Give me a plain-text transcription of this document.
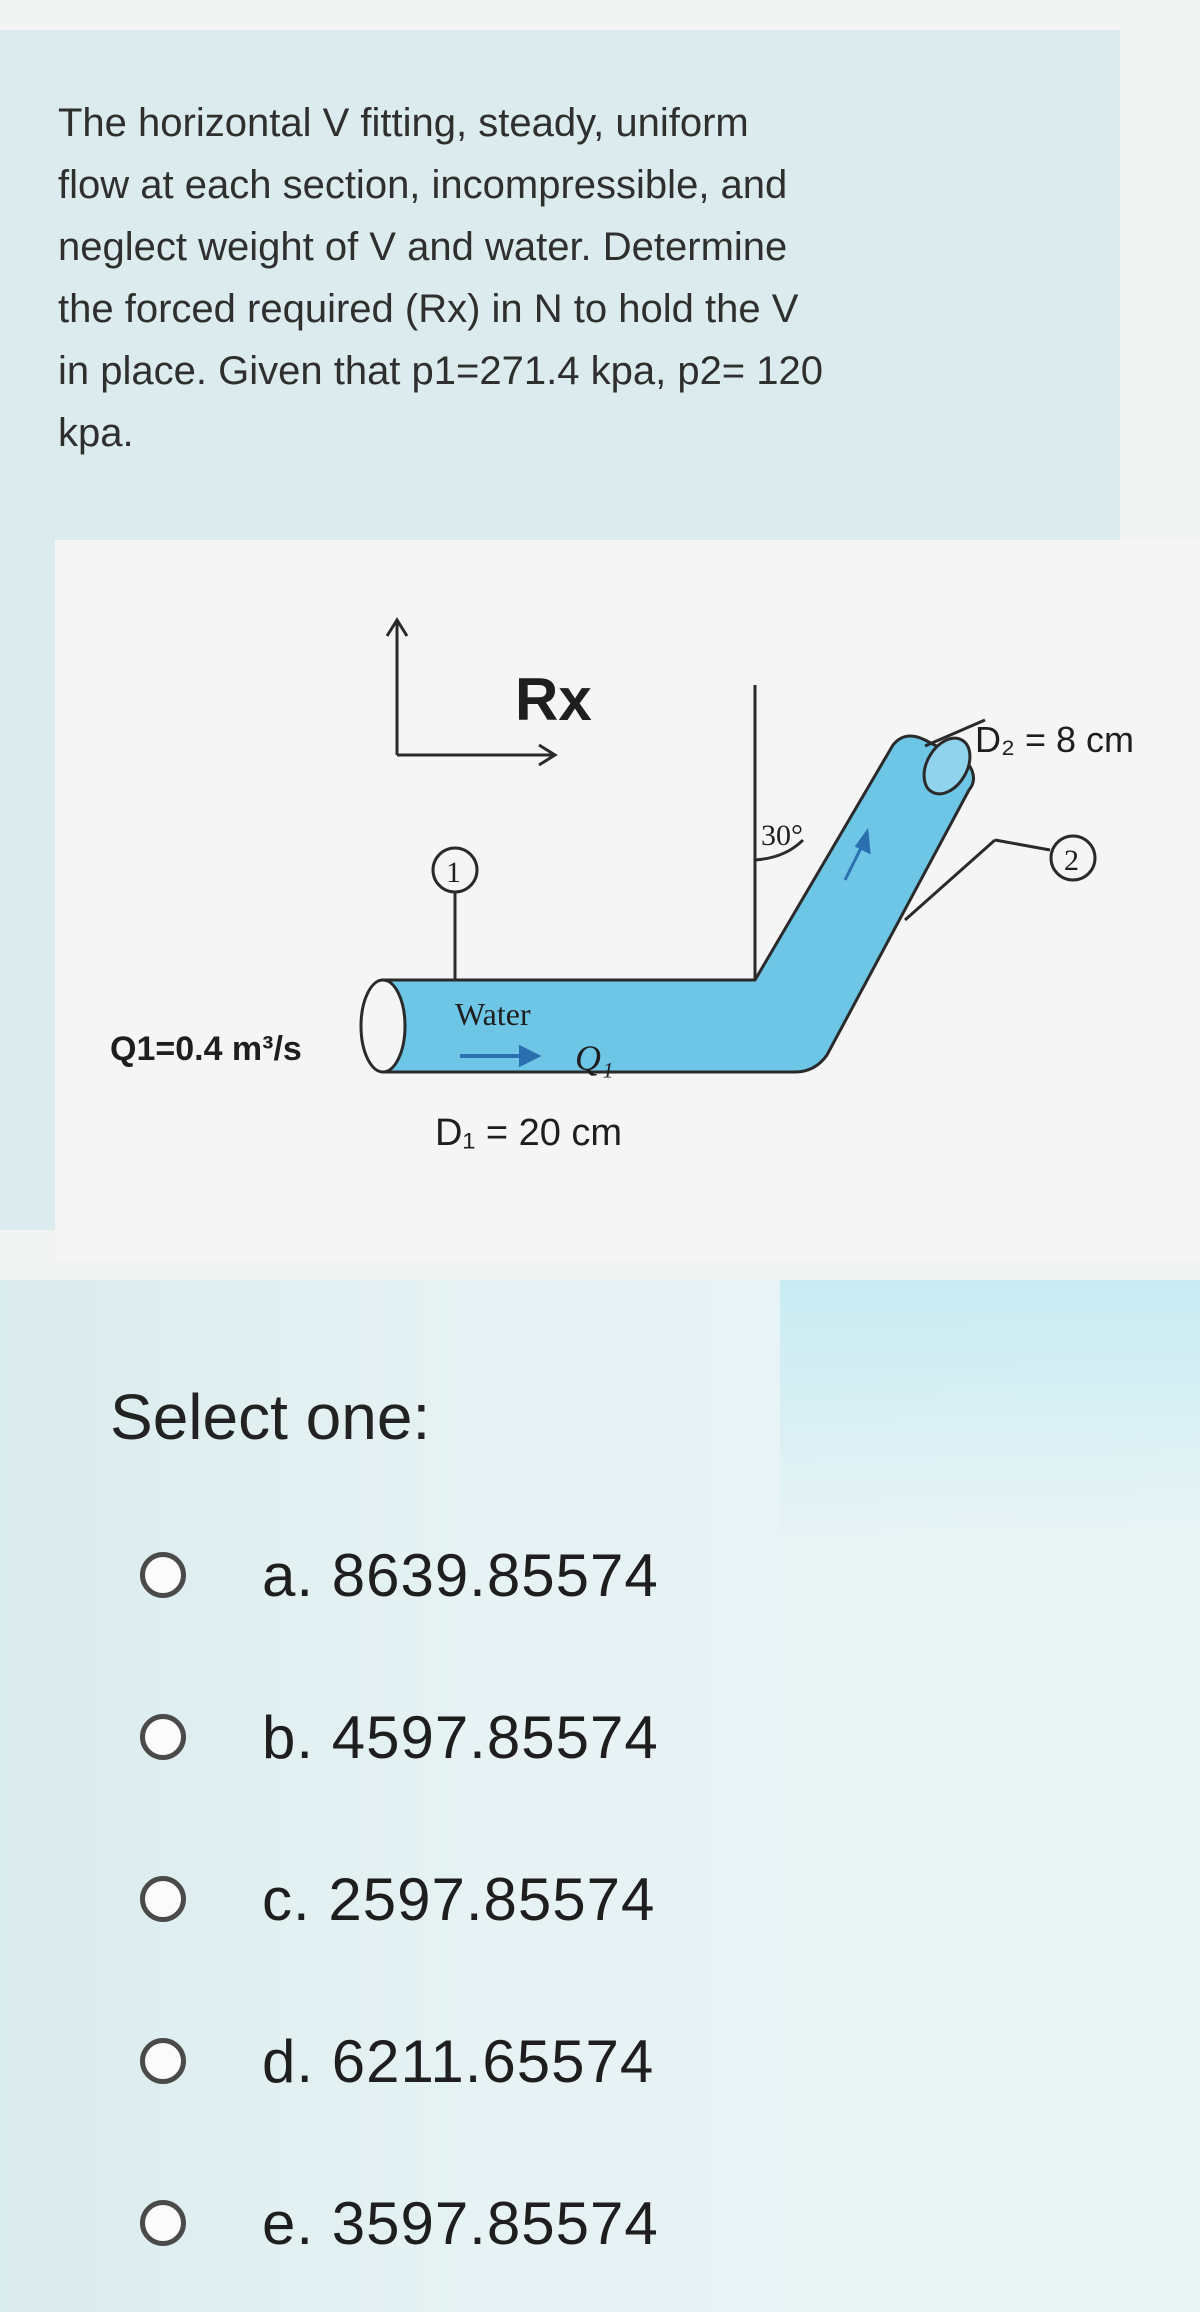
The horizontal V fitting, steady, uniform
flow at each section, incompressible, and
neglect weight of V and water. Determine
the forced required (Rx) in N to hold the V
in place. Given that p1=271.4 kpa, p2= 120
kpa.
Rx
30°
D₂ = 8 cm
1	2
Water
Q₁
Q1=0.4 m³/s
D₁ = 20 cm
Select one:
a. 8639.85574
b. 4597.85574
c. 2597.85574
d. 6211.65574
e. 3597.85574
